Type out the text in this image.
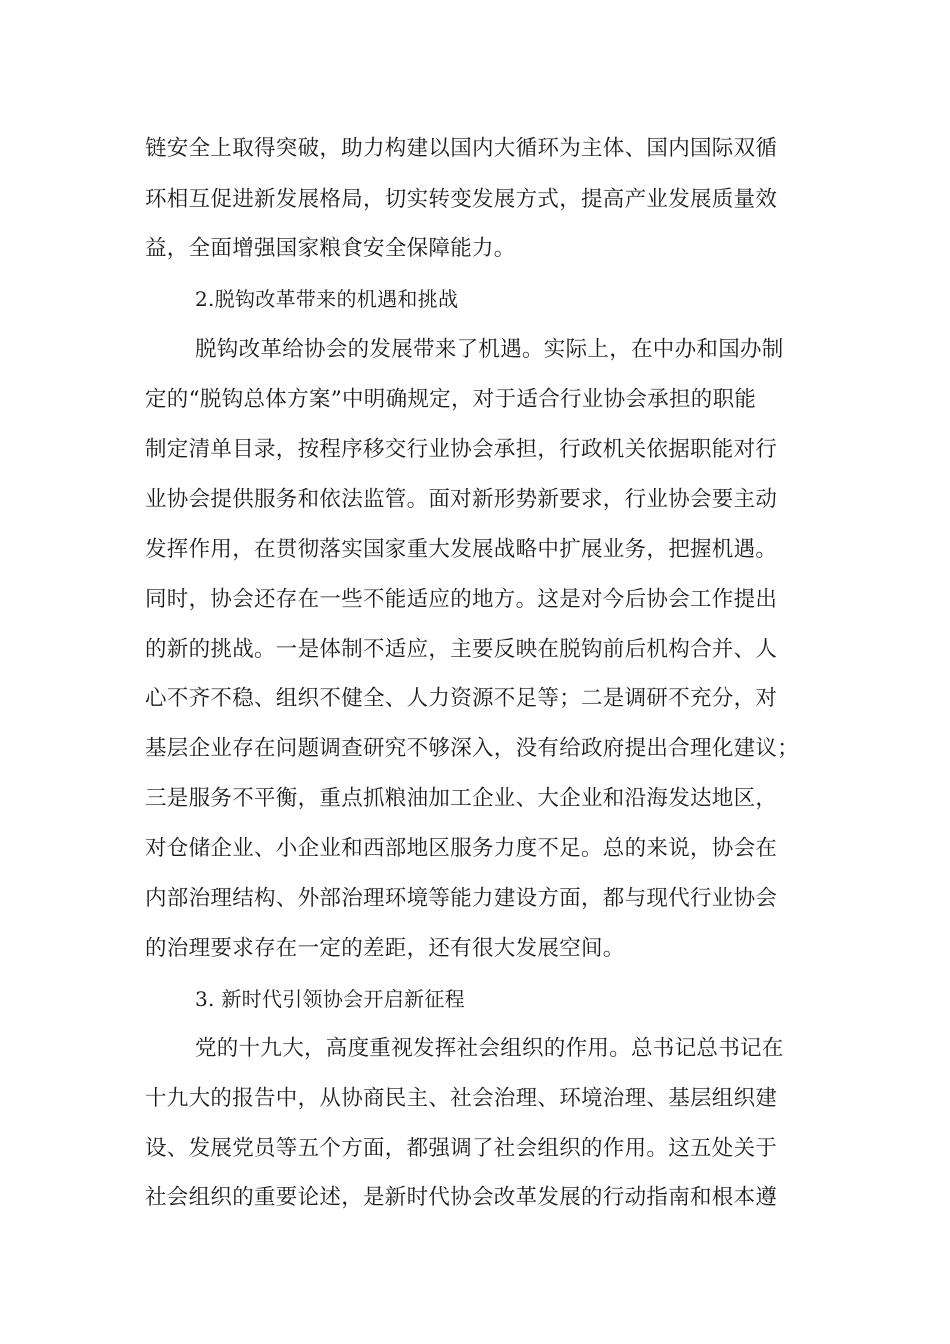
链安全上取得突破，助力构建以国内大循环为主体、国内国际双循
环相互促进新发展格局，切实转变发展方式，提高产业发展质量效
益，全面增强国家粮食安全保障能力。
2.脱钩改革带来的机遇和挑战
脱钩改革给协会的发展带来了机遇。实际上，在中办和国办制
定的“脱钩总体方案”中明确规定，对于适合行业协会承担的职能
制定清单目录，按程序移交行业协会承担，行政机关依据职能对行
业协会提供服务和依法监管。面对新形势新要求，行业协会要主动
发挥作用，在贯彻落实国家重大发展战略中扩展业务，把握机遇。
同时，协会还存在一些不能适应的地方。这是对今后协会工作提出
的新的挑战。一是体制不适应，主要反映在脱钩前后机构合并、人
心不齐不稳、组织不健全、人力资源不足等；二是调研不充分，对
基层企业存在问题调查研究不够深入，没有给政府提出合理化建议；
三是服务不平衡，重点抓粮油加工企业、大企业和沿海发达地区，
对仓储企业、小企业和西部地区服务力度不足。总的来说，协会在
内部治理结构、外部治理环境等能力建设方面，都与现代行业协会
的治理要求存在一定的差距，还有很大发展空间。
3. 新时代引领协会开启新征程
党的十九大，高度重视发挥社会组织的作用。总书记总书记在
十九大的报告中，从协商民主、社会治理、环境治理、基层组织建
设、发展党员等五个方面，都强调了社会组织的作用。这五处关于
社会组织的重要论述，是新时代协会改革发展的行动指南和根本遵
